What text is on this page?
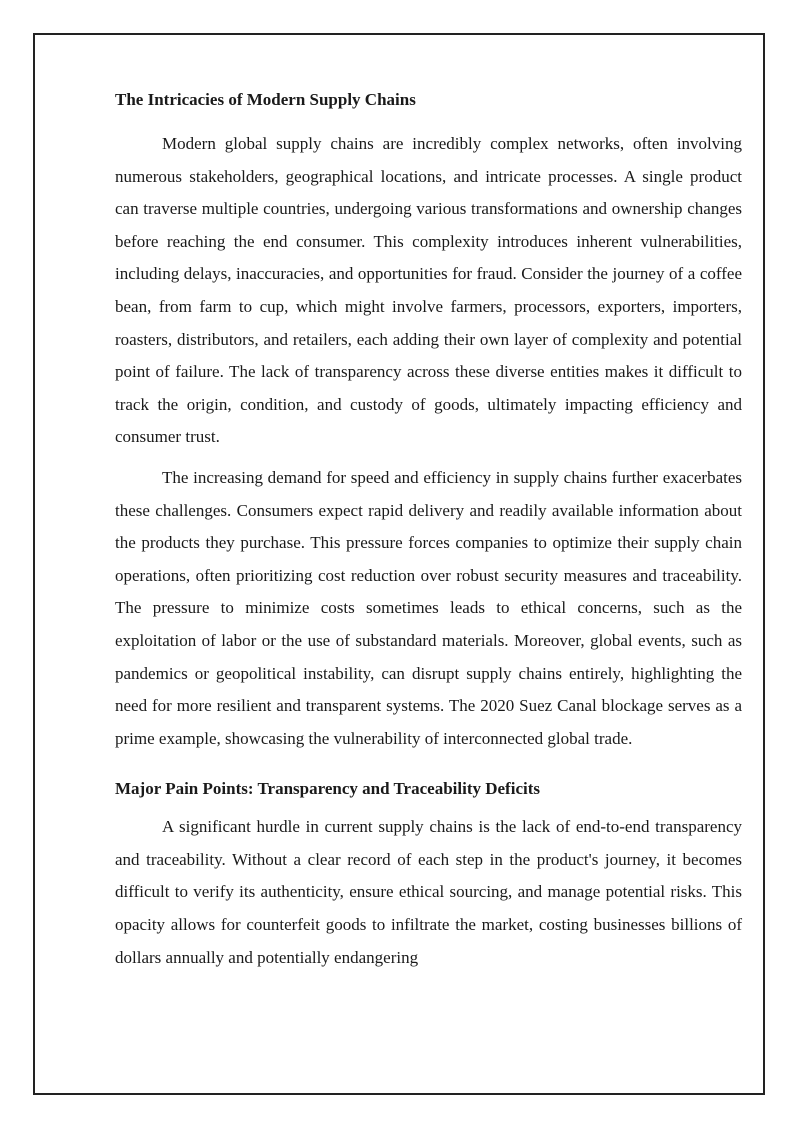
The Intricacies of Modern Supply Chains

Modern global supply chains are incredibly complex networks, often involving numerous stakeholders, geographical locations, and intricate processes. A single product can traverse multiple countries, undergoing various transformations and ownership changes before reaching the end consumer. This complexity introduces inherent vulnerabilities, including delays, inaccuracies, and opportunities for fraud. Consider the journey of a coffee bean, from farm to cup, which might involve farmers, processors, exporters, importers, roasters, distributors, and retailers, each adding their own layer of complexity and potential point of failure. The lack of transparency across these diverse entities makes it difficult to track the origin, condition, and custody of goods, ultimately impacting efficiency and consumer trust.

The increasing demand for speed and efficiency in supply chains further exacerbates these challenges. Consumers expect rapid delivery and readily available information about the products they purchase. This pressure forces companies to optimize their supply chain operations, often prioritizing cost reduction over robust security measures and traceability. The pressure to minimize costs sometimes leads to ethical concerns, such as the exploitation of labor or the use of substandard materials. Moreover, global events, such as pandemics or geopolitical instability, can disrupt supply chains entirely, highlighting the need for more resilient and transparent systems. The 2020 Suez Canal blockage serves as a prime example, showcasing the vulnerability of interconnected global trade.

Major Pain Points: Transparency and Traceability Deficits

A significant hurdle in current supply chains is the lack of end-to-end transparency and traceability. Without a clear record of each step in the product's journey, it becomes difficult to verify its authenticity, ensure ethical sourcing, and manage potential risks. This opacity allows for counterfeit goods to infiltrate the market, costing businesses billions of dollars annually and potentially endangering
